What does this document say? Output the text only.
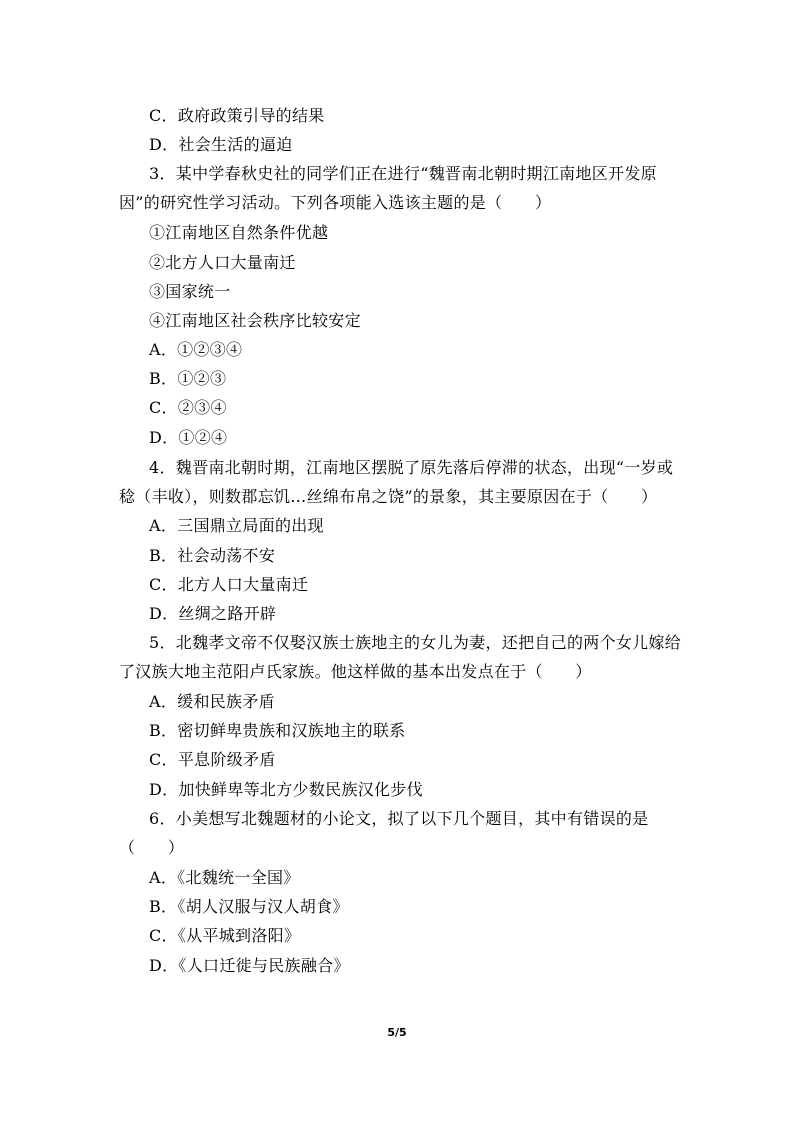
C．政府政策引导的结果
D．社会生活的逼迫
3．某中学春秋史社的同学们正在进行“魏晋南北朝时期江南地区开发原
因”的研究性学习活动。下列各项能入选该主题的是（　　）
①江南地区自然条件优越
②北方人口大量南迁
③国家统一
④江南地区社会秩序比较安定
A．①②③④
B．①②③
C．②③④
D．①②④
4．魏晋南北朝时期，江南地区摆脱了原先落后停滞的状态，出现“一岁或
稔（丰收），则数郡忘饥…丝绵布帛之饶”的景象，其主要原因在于（　　）
A．三国鼎立局面的出现
B．社会动荡不安
C．北方人口大量南迁
D．丝绸之路开辟
5．北魏孝文帝不仅娶汉族士族地主的女儿为妻，还把自己的两个女儿嫁给
了汉族大地主范阳卢氏家族。他这样做的基本出发点在于（　　）
A．缓和民族矛盾
B．密切鲜卑贵族和汉族地主的联系
C．平息阶级矛盾
D．加快鲜卑等北方少数民族汉化步伐
6．小美想写北魏题材的小论文，拟了以下几个题目，其中有错误的是
（　　）
A．《北魏统一全国》
B．《胡人汉服与汉人胡食》
C．《从平城到洛阳》
D．《人口迁徙与民族融合》
5/5
